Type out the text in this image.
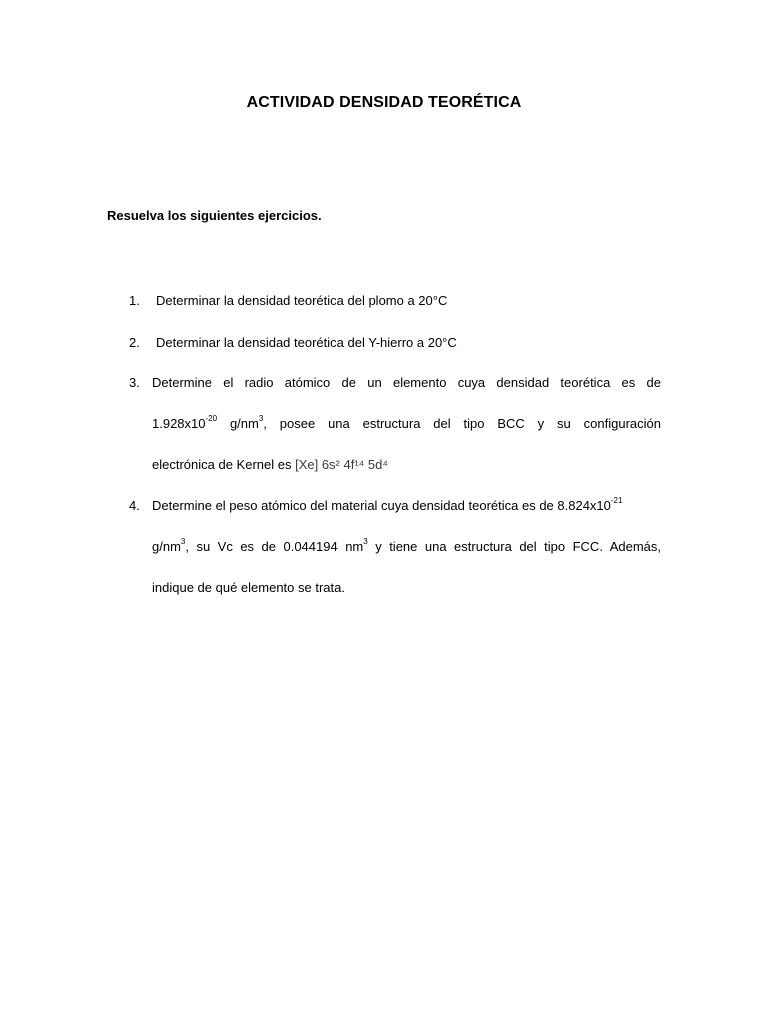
ACTIVIDAD DENSIDAD TEORÉTICA
Resuelva los siguientes ejercicios.
1. Determinar la densidad teorética del plomo a 20°C
2. Determinar la densidad teorética del Y-hierro a 20°C
3. Determine el radio atómico de un elemento cuya densidad teorética es de
$1.928x10^{-20}$ $g/nm^3$, posee una estructura del tipo BCC y su configuración
electrónica de Kernel es [Xe] 6s² 4f¹⁴ 5d⁴
4. Determine el peso atómico del material cuya densidad teorética es de $8.824x10^{-21}$
$g/nm^3$, su Vc es de 0.044194 $nm^3$ y tiene una estructura del tipo FCC. Además,
indique de qué elemento se trata.
